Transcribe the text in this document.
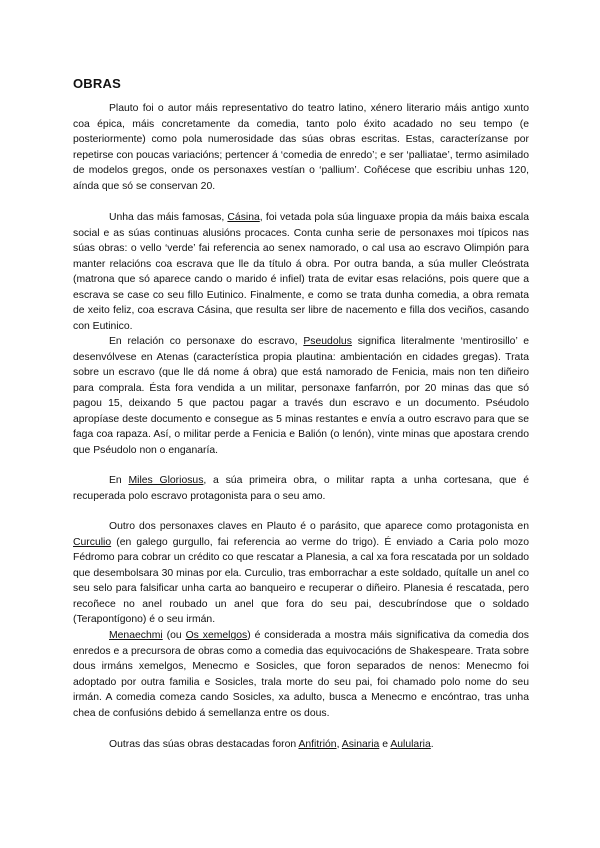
OBRAS

Plauto foi o autor máis representativo do teatro latino, xénero literario máis antigo xunto coa épica, máis concretamente da comedia, tanto polo éxito acadado no seu tempo (e posteriormente) como pola numerosidade das súas obras escritas. Estas, caracterízanse por repetirse con poucas variacións; pertencer á ‘comedia de enredo’; e ser ‘palliatae’, termo asimilado de modelos gregos, onde os personaxes vestían o ‘pallium’. Coñécese que escribiu unhas 120, aínda que só se conservan 20.

Unha das máis famosas, Cásina, foi vetada pola súa linguaxe propia da máis baixa escala social e as súas continuas alusións procaces. Conta cunha serie de personaxes moi típicos nas súas obras: o vello ‘verde’ fai referencia ao senex namorado, o cal usa ao escravo Olimpión para manter relacións coa escrava que lle da título á obra. Por outra banda, a súa muller Cleóstrata (matrona que só aparece cando o marido é infiel) trata de evitar esas relacións, pois quere que a escrava se case co seu fillo Eutinico. Finalmente, e como se trata dunha comedia, a obra remata de xeito feliz, coa escrava Cásina, que resulta ser libre de nacemento e filla dos veciños, casando con Eutinico.

En relación co personaxe do escravo, Pseudolus significa literalmente ‘mentirosillo’ e desenvólvese en Atenas (característica propia plautina: ambientación en cidades gregas). Trata sobre un escravo (que lle dá nome á obra) que está namorado de Fenicia, mais non ten diñeiro para comprala. Ésta fora vendida a un militar, personaxe fanfarrón, por 20 minas das que só pagou 15, deixando 5 que pactou pagar a través dun escravo e un documento. Pséudolo apropíase deste documento e consegue as 5 minas restantes e envía a outro escravo para que se faga coa rapaza. Así, o militar perde a Fenicia e Balión (o lenón), vinte minas que apostara crendo que Pséudolo non o enganaría.

En Miles Gloriosus, a súa primeira obra, o militar rapta a unha cortesana, que é recuperada polo escravo protagonista para o seu amo.

Outro dos personaxes claves en Plauto é o parásito, que aparece como protagonista en Curculio (en galego gurgullo, fai referencia ao verme do trigo). É enviado a Caria polo mozo Fédromo para cobrar un crédito co que rescatar a Planesia, a cal xa fora rescatada por un soldado que desembolsara 30 minas por ela. Curculio, tras emborrachar a este soldado, quítalle un anel co seu selo para falsificar unha carta ao banqueiro e recuperar o diñeiro. Planesia é rescatada, pero recoñece no anel roubado un anel que fora do seu pai, descubríndose que o soldado (Terapontígono) é o seu irmán.

Menaechmi (ou Os xemelgos) é considerada a mostra máis significativa da comedia dos enredos e a precursora de obras como a comedia das equivocacións de Shakespeare. Trata sobre dous irmáns xemelgos, Menecmo e Sosicles, que foron separados de nenos: Menecmo foi adoptado por outra familia e Sosicles, trala morte do seu pai, foi chamado polo nome do seu irmán. A comedia comeza cando Sosicles, xa adulto, busca a Menecmo e encóntrao, tras unha chea de confusións debido á semellanza entre os dous.

Outras das súas obras destacadas foron Anfitrión, Asinaria e Aulularia.
